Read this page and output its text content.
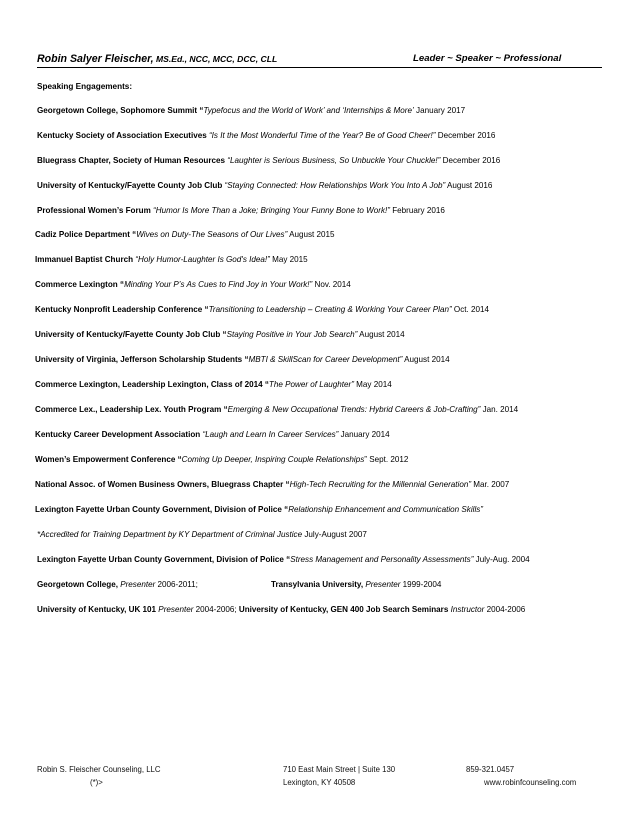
Robin Salyer Fleischer, MS.Ed., NCC, MCC, DCC, CLL	Leader ~ Speaker ~ Professional
Speaking Engagements:
Georgetown College, Sophomore Summit “Typefocus and the World of Work’ and ‘Internships & More’ January 2017
Kentucky Society of Association Executives “Is It the Most Wonderful Time of the Year? Be of Good Cheer!” December 2016
Bluegrass Chapter, Society of Human Resources “Laughter is Serious Business, So Unbuckle Your Chuckle!” December 2016
University of Kentucky/Fayette County Job Club “Staying Connected: How Relationships Work You Into A Job” August 2016
Professional Women’s Forum “Humor Is More Than a Joke; Bringing Your Funny Bone to Work!” February 2016
Cadiz Police Department “Wives on Duty-The Seasons of Our Lives” August 2015
Immanuel Baptist Church “Holy Humor-Laughter Is God's Idea!” May 2015
Commerce Lexington “Minding Your P’s As Cues to Find Joy in Your Work!” Nov. 2014
Kentucky Nonprofit Leadership Conference “Transitioning to Leadership – Creating & Working Your Career Plan” Oct. 2014
University of Kentucky/Fayette County Job Club “Staying Positive in Your Job Search” August 2014
University of Virginia, Jefferson Scholarship Students “MBTI & SkillScan for Career Development” August 2014
Commerce Lexington, Leadership Lexington, Class of 2014 “The Power of Laughter” May 2014
Commerce Lex., Leadership Lex. Youth Program “Emerging & New Occupational Trends: Hybrid Careers & Job-Crafting” Jan. 2014
Kentucky Career Development Association “Laugh and Learn In Career Services” January 2014
Women’s Empowerment Conference “Coming Up Deeper, Inspiring Couple Relationships” Sept. 2012
National Assoc. of Women Business Owners, Bluegrass Chapter “High-Tech Recruiting for the Millennial Generation” Mar. 2007
Lexington Fayette Urban County Government, Division of Police “Relationship Enhancement and Communication Skills”
*Accredited for Training Department by KY Department of Criminal Justice July-August 2007
Lexington Fayette Urban County Government, Division of Police “Stress Management and Personality Assessments” July-Aug. 2004
Georgetown College, Presenter 2006-2011;	Transylvania University, Presenter 1999-2004
University of Kentucky, UK 101 Presenter 2004-2006; University of Kentucky, GEN 400 Job Search Seminars Instructor 2004-2006
Robin S. Fleischer Counseling, LLC	710 East Main Street | Suite 130	859-321.0457
(*)>	Lexington, KY 40508	www.robinfcounseling.com
